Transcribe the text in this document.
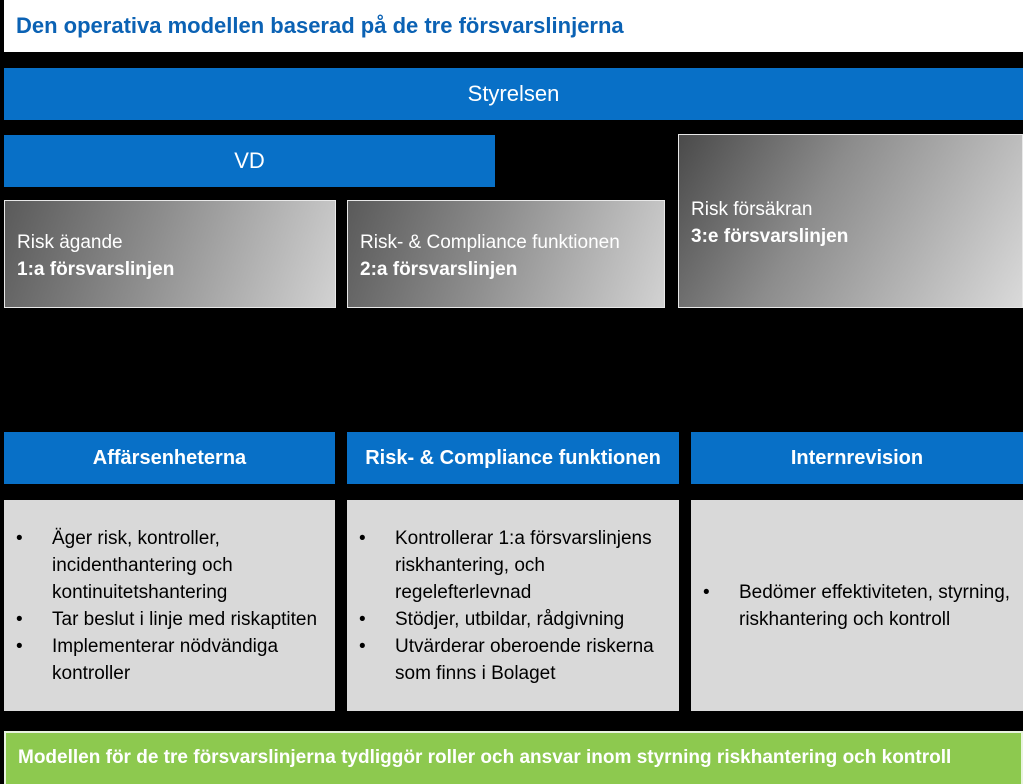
Den operativa modellen baserad på de tre försvarslinjerna
Styrelsen
VD
Risk ägande
1:a försvarslinjen
Risk- & Compliance funktionen
2:a försvarslinjen
Risk försäkran
3:e försvarslinjen
Affärsenheterna	Risk- & Compliance funktionen	Internrevision
• Äger risk, kontroller, incidenthantering och kontinuitetshantering
• Tar beslut i linje med riskaptiten
• Implementerar nödvändiga kontroller
• Kontrollerar 1:a försvarslinjens riskhantering, och regelefterlevnad
• Stödjer, utbildar, rådgivning
• Utvärderar oberoende riskerna som finns i Bolaget
• Bedömer effektiviteten, styrning, riskhantering och kontroll
Modellen för de tre försvarslinjerna tydliggör roller och ansvar inom styrning riskhantering och kontroll
